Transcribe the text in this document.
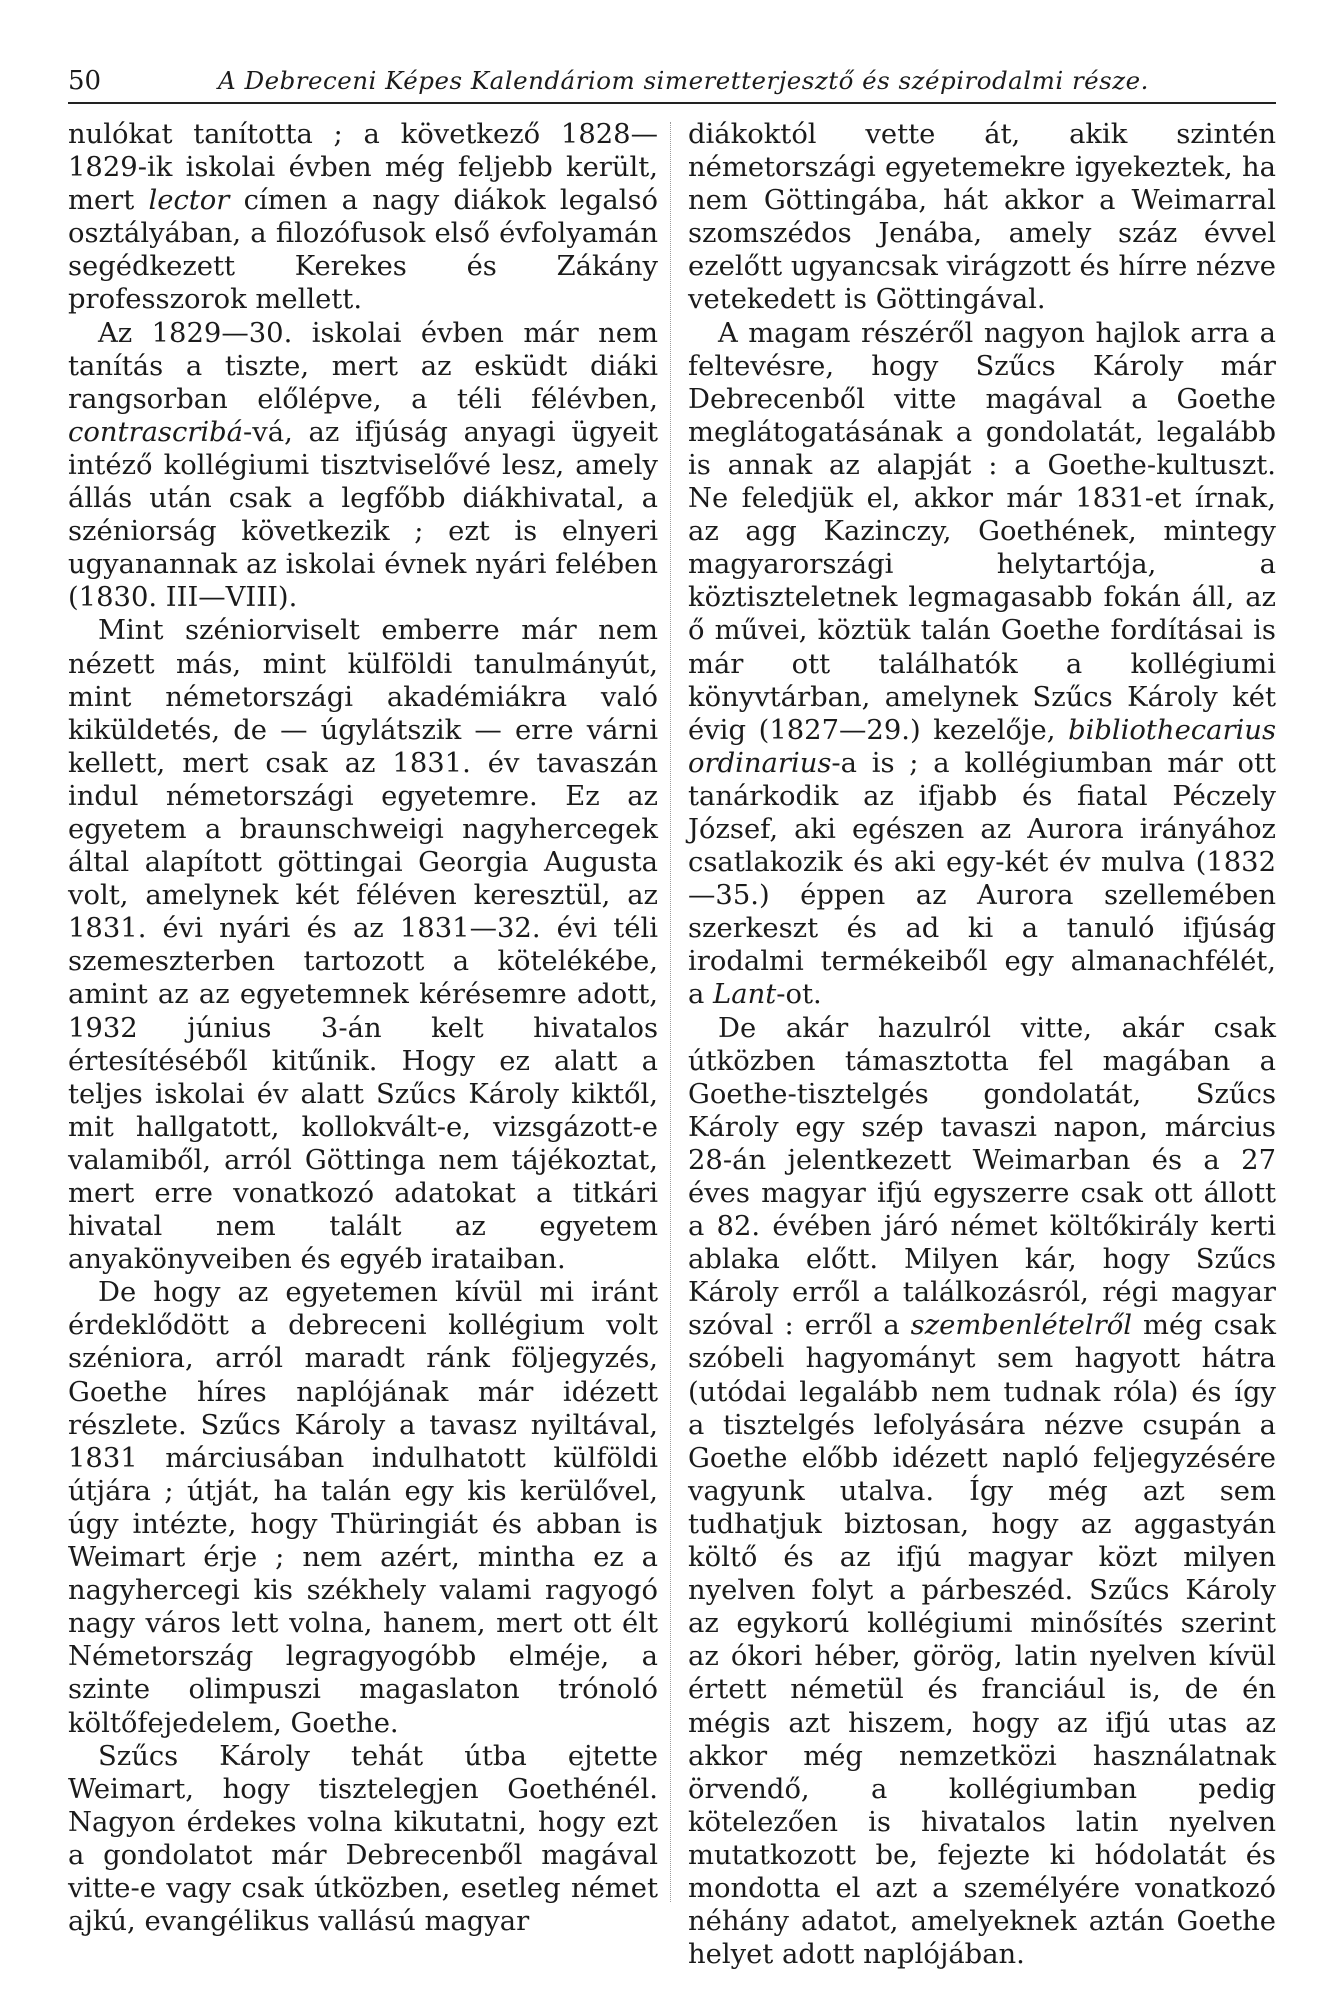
50	A Debreceni Képes Kalendáriom simeretterjesztő és szépirodalmi része.

nulókat tanította ; a következő 1828—1829-ik iskolai évben még feljebb került, mert lector címen a nagy diákok legalsó osztályában, a filozófusok első évfolyamán segédkezett Kerekes és Zákány professzorok mellett.

Az 1829—30. iskolai évben már nem tanítás a tiszte, mert az esküdt diáki rangsorban előlépve, a téli félévben, contrascribá-vá, az ifjúság anyagi ügyeit intéző kollégiumi tisztviselővé lesz, amely állás után csak a legfőbb diákhivatal, a széniorság következik ; ezt is elnyeri ugyanannak az iskolai évnek nyári felében (1830. III—VIII).

Mint széniorviselt emberre már nem nézett más, mint külföldi tanulmányút, mint németországi akadémiákra való kiküldetés, de — úgylátszik — erre várni kellett, mert csak az 1831. év tavaszán indul németországi egyetemre. Ez az egyetem a braunschweigi nagyhercegek által alapított göttingai Georgia Augusta volt, amelynek két féléven keresztül, az 1831. évi nyári és az 1831—32. évi téli szemeszterben tartozott a kötelékébe, amint az az egyetemnek kérésemre adott, 1932 június 3-án kelt hivatalos értesítéséből kitűnik. Hogy ez alatt a teljes iskolai év alatt Szűcs Károly kiktől, mit hallgatott, kollokvált-e, vizsgázott-e valamiből, arról Göttinga nem tájékoztat, mert erre vonatkozó adatokat a titkári hivatal nem talált az egyetem anyakönyveiben és egyéb irataiban.

De hogy az egyetemen kívül mi iránt érdeklődött a debreceni kollégium volt széniora, arról maradt ránk följegyzés, Goethe híres naplójának már idézett részlete. Szűcs Károly a tavasz nyiltával, 1831 márciusában indulhatott külföldi útjára ; útját, ha talán egy kis kerülővel, úgy intézte, hogy Thüringiát és abban is Weimart érje ; nem azért, mintha ez a nagyhercegi kis székhely valami ragyogó nagy város lett volna, hanem, mert ott élt Németország legragyogóbb elméje, a szinte olimpuszi magaslaton trónoló költőfejedelem, Goethe.

Szűcs Károly tehát útba ejtette Weimart, hogy tisztelegjen Goethénél. Nagyon érdekes volna kikutatni, hogy ezt a gondolatot már Debrecenből magával vitte-e vagy csak útközben, esetleg német ajkú, evangélikus vallású magyar

diákoktól vette át, akik szintén németországi egyetemekre igyekeztek, ha nem Göttingába, hát akkor a Weimarral szomszédos Jenába, amely száz évvel ezelőtt ugyancsak virágzott és hírre nézve vetekedett is Göttingával.

A magam részéről nagyon hajlok arra a feltevésre, hogy Szűcs Károly már Debrecenből vitte magával a Goethe meglátogatásának a gondolatát, legalább is annak az alapját : a Goethe-kultuszt. Ne feledjük el, akkor már 1831-et írnak, az agg Kazinczy, Goethének, mintegy magyarországi helytartója, a köztiszteletnek legmagasabb fokán áll, az ő művei, köztük talán Goethe fordításai is már ott találhatók a kollégiumi könyvtárban, amelynek Szűcs Károly két évig (1827—29.) kezelője, bibliothecarius ordinarius-a is ; a kollégiumban már ott tanárkodik az ifjabb és fiatal Péczely József, aki egészen az Aurora irányához csatlakozik és aki egy-két év mulva (1832—35.) éppen az Aurora szellemében szerkeszt és ad ki a tanuló ifjúság irodalmi termékeiből egy almanachfélét, a Lant-ot.

De akár hazulról vitte, akár csak útközben támasztotta fel magában a Goethe-tisztelgés gondolatát, Szűcs Károly egy szép tavaszi napon, március 28-án jelentkezett Weimarban és a 27 éves magyar ifjú egyszerre csak ott állott a 82. évében járó német költőkirály kerti ablaka előtt. Milyen kár, hogy Szűcs Károly erről a találkozásról, régi magyar szóval : erről a szembenlételről még csak szóbeli hagyományt sem hagyott hátra (utódai legalább nem tudnak róla) és így a tisztelgés lefolyására nézve csupán a Goethe előbb idézett napló feljegyzésére vagyunk utalva. Így még azt sem tudhatjuk biztosan, hogy az aggastyán költő és az ifjú magyar közt milyen nyelven folyt a párbeszéd. Szűcs Károly az egykorú kollégiumi minősítés szerint az ókori héber, görög, latin nyelven kívül értett németül és franciául is, de én mégis azt hiszem, hogy az ifjú utas az akkor még nemzetközi használatnak örvendő, a kollégiumban pedig kötelezően is hivatalos latin nyelven mutatkozott be, fejezte ki hódolatát és mondotta el azt a személyére vonatkozó néhány adatot, amelyeknek aztán Goethe helyet adott naplójában.
